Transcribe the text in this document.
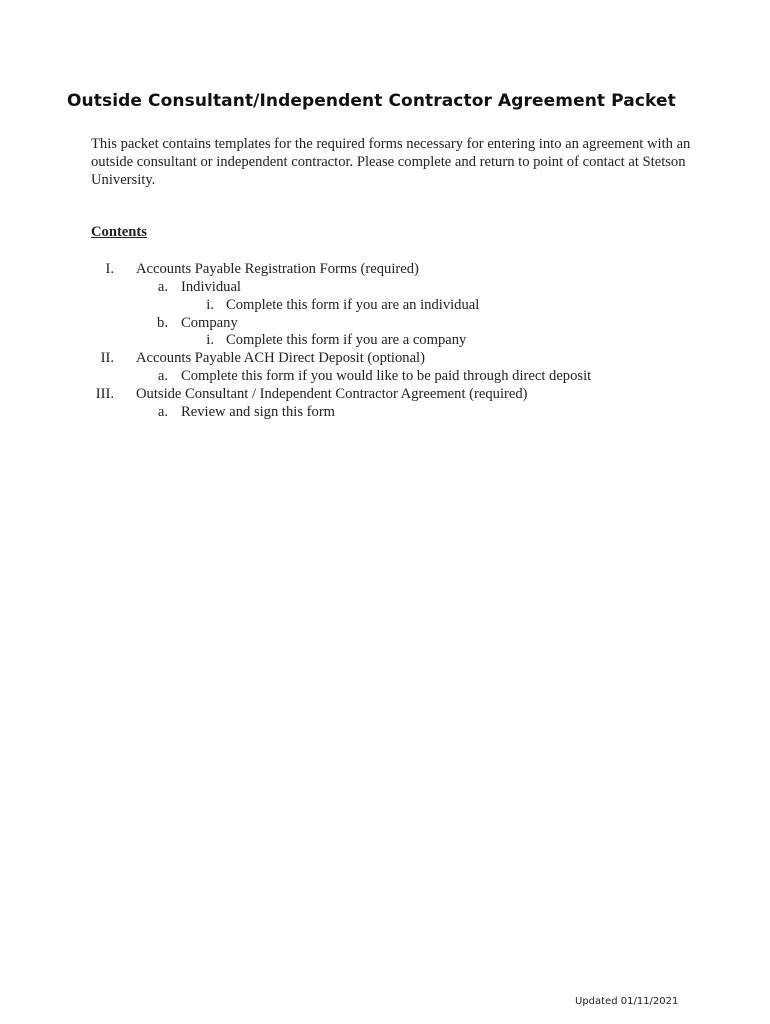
Outside Consultant/Independent Contractor Agreement Packet
This packet contains templates for the required forms necessary for entering into an agreement with an outside consultant or independent contractor. Please complete and return to point of contact at Stetson University.
Contents
I. Accounts Payable Registration Forms (required)
a. Individual
i. Complete this form if you are an individual
b. Company
i. Complete this form if you are a company
II. Accounts Payable ACH Direct Deposit (optional)
a. Complete this form if you would like to be paid through direct deposit
III. Outside Consultant / Independent Contractor Agreement (required)
a. Review and sign this form
Updated 01/11/2021
